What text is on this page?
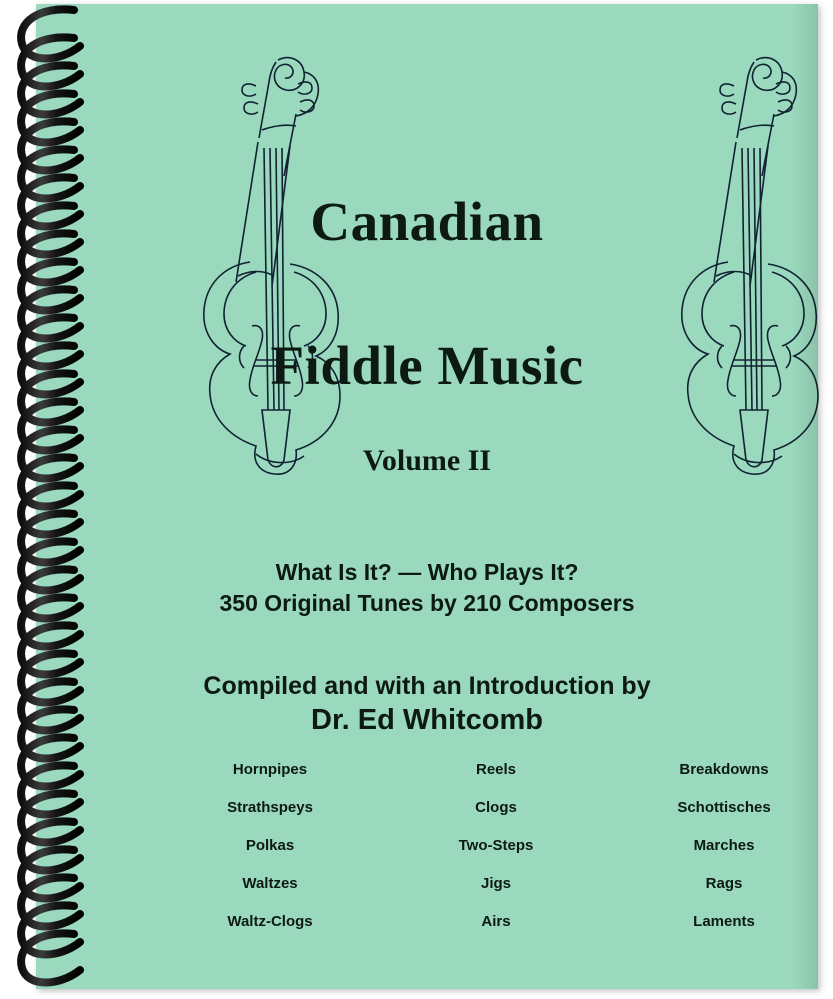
Canadian
Fiddle Music
Volume II
What Is It? — Who Plays It?
350 Original Tunes by 210 Composers
Compiled and with an Introduction by
Dr. Ed Whitcomb
Hornpipes	Reels	Breakdowns
Strathspeys	Clogs	Schottisches
Polkas	Two-Steps	Marches
Waltzes	Jigs	Rags
Waltz-Clogs	Airs	Laments
